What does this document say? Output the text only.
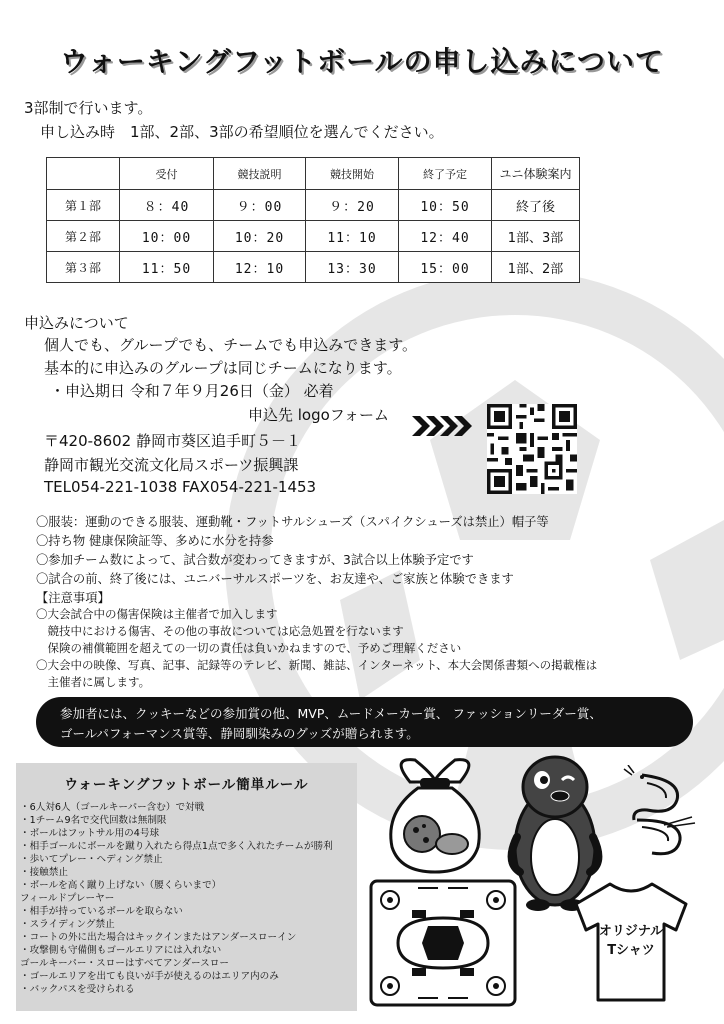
ウォーキングフットボールの申し込みについて
3部制で行います。
申し込み時　1部、2部、3部の希望順位を選んでください。
	受付	競技説明	競技開始	終了予定	ユニ体験案内
第１部	８：40	９：00	９：20	10：50	終了後
第２部	10：00	10：20	11：10	12：40	1部、3部
第３部	11：50	12：10	13：30	15：00	1部、2部
申込みについて
個人でも、グループでも、チームでも申込みできます。
基本的に申込みのグループは同じチームになります。
・申込期日 令和７年９月26日（金） 必着
申込先 logoフォーム
〒420-8602 静岡市葵区追手町５－１
静岡市観光交流文化局スポーツ振興課
TEL054-221-1038 FAX054-221-1453
〇服装：運動のできる服装、運動靴・フットサルシューズ（スパイクシューズは禁止）帽子等
〇持ち物 健康保険証等、多めに水分を持参
〇参加チーム数によって、試合数が変わってきますが、3試合以上体験予定です
〇試合の前、終了後には、ユニバーサルスポーツを、お友達や、ご家族と体験できます
【注意事項】
〇大会試合中の傷害保険は主催者で加入します
　競技中における傷害、その他の事故については応急処置を行ないます
　保険の補償範囲を超えての一切の責任は負いかねますので、予めご理解ください
〇大会中の映像、写真、記事、記録等のテレビ、新聞、雑誌、インターネット、本大会関係書類への掲載権は
　主催者に属します。
参加者には、クッキーなどの参加賞の他、MVP、ムードメーカー賞、 ファッションリーダー賞、
ゴールパフォーマンス賞等、静岡馴染みのグッズが贈られます。
ウォーキングフットボール簡単ルール
・6人対6人（ゴールキーパー含む）で対戦
・1チーム9名で交代回数は無制限
・ボールはフットサル用の4号球
・相手ゴールにボールを蹴り入れたら得点1点で多く入れたチームが勝利
・歩いてプレー・ヘディング禁止
・接触禁止
・ボールを高く蹴り上げない（腰くらいまで）
フィールドプレーヤー
・相手が持っているボールを取らない
・スライディング禁止
・コートの外に出た場合はキックインまたはアンダースローイン
・攻撃側も守備側もゴールエリアには入れない
ゴールキーパー・スローはすべてアンダースロー
・ゴールエリアを出ても良いが手が使えるのはエリア内のみ
・バックパスを受けられる
オリジナル
Tシャツ
